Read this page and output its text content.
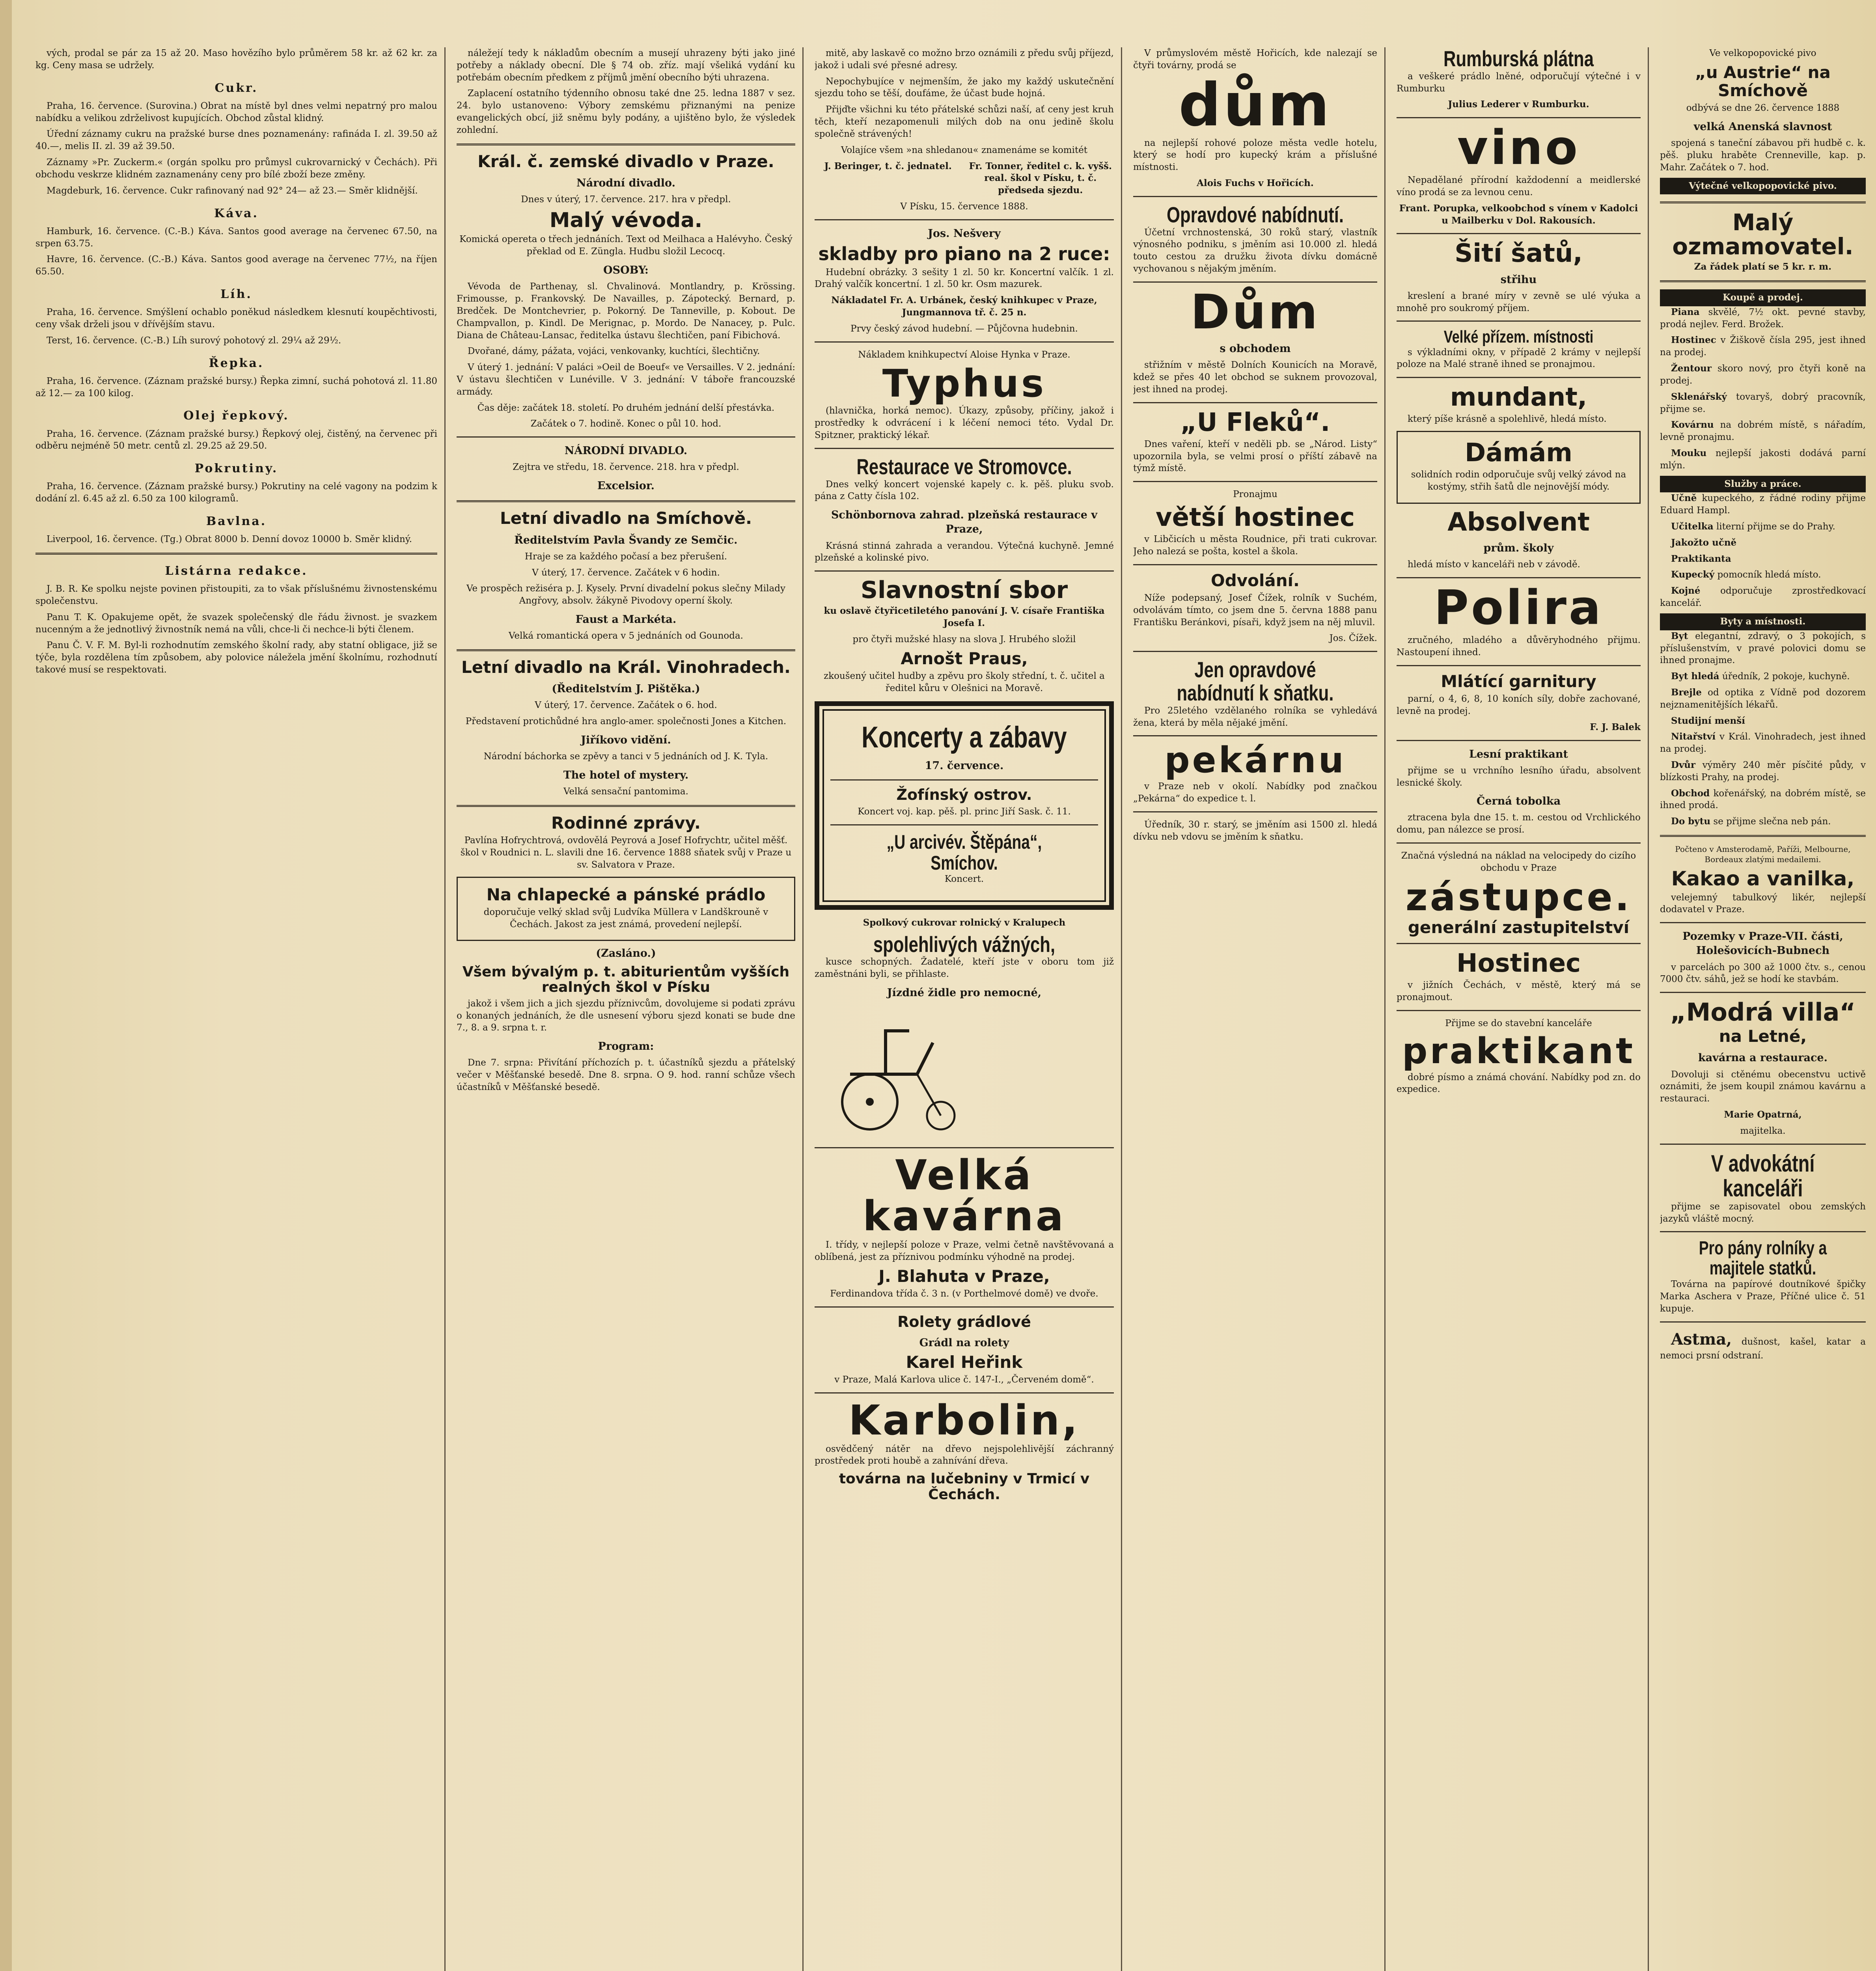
vých, prodal se pár za 15 až 20. Maso hovězího bylo průměrem 58 kr. až 62 kr. za kg. Ceny masa se udržely.

Cukr.

Praha, 16. července. (Surovina.) Obrat na místě byl dnes velmi nepatrný pro malou nabídku a velikou zdrželivost kupujících. Obchod zůstal klidný.

Úřední záznamy cukru na pražské burse dnes poznamenány: rafináda I. zl. 39.50 až 40.—, melis II. zl. 39 až 39.50.

Záznamy »Pr. Zuckerm.« (orgán spolku pro průmysl cukrovarnický v Čechách). Při obchodu veskrze klidném zaznamenány ceny pro bílé zboží beze změny.

Magdeburk, 16. července. Cukr rafinovaný nad 92° 24— až 23.— Směr klidnější.

Káva.

Hamburk, 16. července. (C.-B.) Káva. Santos good average na červenec 67.50, na srpen 63.75.

Havre, 16. července. (C.-B.) Káva. Santos good average na červenec 77½, na říjen 65.50.

Líh.

Praha, 16. července. Smýšlení ochablo poněkud následkem klesnutí koupěchtivosti, ceny však drželi jsou v dřívějším stavu.

Terst, 16. července. (C.-B.) Líh surový pohotový zl. 29¼ až 29½.

Řepka.

Praha, 16. července. (Záznam pražské bursy.) Řepka zimní, suchá pohotová zl. 11.80 až 12.— za 100 kilog.

Olej řepkový.

Praha, 16. července. (Záznam pražské bursy.) Řepkový olej, čistěný, na červenec při odběru nejméně 50 metr. centů zl. 29.25 až 29.50.

Pokrutiny.

Praha, 16. července. (Záznam pražské bursy.) Pokrutiny na celé vagony na podzim k dodání zl. 6.45 až zl. 6.50 za 100 kilogramů.

Bavlna.

Liverpool, 16. července. (Tg.) Obrat 8000 b. Denní dovoz 10000 b. Směr klidný.

Listárna redakce.

J. B. R. Ke spolku nejste povinen přistoupiti, za to však příslušnému živnostenskému společenstvu.

Panu T. K. Opakujeme opět, že svazek společenský dle řádu živnost. je svazkem nucenným a že jednotlivý živnostník nemá na vůli, chce-li či nechce-li býti členem.

Panu Č. V. F. M. Byl-li rozhodnutím zemského školní rady, aby statní obligace, již se týče, byla rozdělena tím způsobem, aby polovice náležela jmění školnímu, rozhodnutí takové musí se respektovati.

náležejí tedy k nákladům obecním a musejí uhrazeny býti jako jiné potřeby a náklady obecní. Dle § 74 ob. zříz. mají všeliká vydání ku potřebám obecním předkem z příjmů jmění obecního býti uhrazena.

Zaplacení ostatního týdenního obnosu také dne 25. ledna 1887 v sez. 24. bylo ustanoveno: Výbory zemskému přiznanými na penize evangelických obcí, již sněmu byly podány, a ujištěno bylo, že výsledek zohlední.

Král. č. zemské divadlo v Praze.
Národní divadlo.

Dnes v úterý, 17. července. 217. hra v předpl.

Malý vévoda.

Komická opereta o třech jednáních. Text od Meilhaca a Halévyho. Český překlad od E. Züngla. Hudbu složil Lecocq.

OSOBY:

Vévoda de Parthenay, sl. Chvalinová. Montlandry, p. Krössing. Frimousse, p. Frankovský. De Navailles, p. Zápotecký. Bernard, p. Bredček. De Montchevrier, p. Pokorný. De Tanneville, p. Kobout. De Champvallon, p. Kindl. De Merignac, p. Mordo. De Nanacey, p. Pulc. Diana de Château-Lansac, ředitelka ústavu šlechtičen, paní Fibichová.

Dvořané, dámy, pážata, vojáci, venkovanky, kuchtíci, šlechtičny.

V úterý 1. jednání: V paláci »Oeil de Boeuf« ve Versailles. V 2. jednání: V ústavu šlechtičen v Lunéville. V 3. jednání: V táboře francouzské armády.

Čas děje: začátek 18. století. Po druhém jednání delší přestávka.

Začátek o 7. hodině. Konec o půl 10. hod.

NÁRODNÍ DIVADLO.

Zejtra ve středu, 18. července. 218. hra v předpl.

Excelsior.
Letní divadlo na Smíchově.
Ředitelstvím Pavla Švandy ze Semčic.

Hraje se za každého počasí a bez přerušení.

V úterý, 17. července. Začátek v 6 hodin.

Ve prospěch režiséra p. J. Kysely. První divadelní pokus slečny Milady Angřovy, absolv. žákyně Pivodovy operní školy.

Faust a Markéta.

Velká romantická opera v 5 jednáních od Gounoda.

Letní divadlo na Král. Vinohradech.
(Ředitelstvím J. Pištěka.)

V úterý, 17. července. Začátek o 6. hod.

Představení protichůdné hra anglo-amer. společnosti Jones a Kitchen.

Jiříkovo vidění.

Národní báchorka se zpěvy a tanci v 5 jednáních od J. K. Tyla.

The hotel of mystery.

Velká sensační pantomima.

Rodinné zprávy.

Pavlína Hofrychtrová, ovdovělá Peyrová a Josef Hofrychtr, učitel měšť. škol v Roudnici n. L. slavili dne 16. července 1888 sňatek svůj v Praze u sv. Salvatora v Praze.

Na chlapecké a pánské prádlo

doporučuje velký sklad svůj Ludvíka Müllera v Landškrouně v Čechách. Jakost za jest známá, provedení nejlepší.

(Zasláno.)
Všem bývalým p. t. abiturientům vyšších realných škol v Písku

jakož i všem jich a jich sjezdu příznivcům, dovolujeme si podati zprávu o konaných jednáních, že dle usnesení výboru sjezd konati se bude dne 7., 8. a 9. srpna t. r.

Program:

Dne 7. srpna: Přivítání příchozích p. t. účastníků sjezdu a přátelský večer v Měšťanské besedě. Dne 8. srpna. O 9. hod. ranní schůze všech účastníků v Měšťanské besedě.

mitě, aby laskavě co možno brzo oznámili z předu svůj příjezd, jakož i udali své přesné adresy.

Nepochybujíce v nejmenším, že jako my každý uskutečnění sjezdu toho se těší, doufáme, že účast bude hojná.

Přijďte všichni ku této přátelské schůzi naší, ať ceny jest kruh těch, kteří nezapomenuli milých dob na onu jedině školu společně strávených!

Volajíce všem »na shledanou« znamenáme se komitét

J. Beringer, t. č. jednatel.	Fr. Tonner, ředitel c. k. vyšš. real. škol v Písku, t. č. předseda sjezdu.

V Písku, 15. července 1888.

Jos. Nešvery
skladby pro piano na 2 ruce:

Hudební obrázky. 3 sešity 1 zl. 50 kr. Koncertní valčík. 1 zl. Drahý valčík koncertní. 1 zl. 50 kr. Osm mazurek.

Nákladatel Fr. A. Urbánek, český knihkupec v Praze, Jungmannova tř. č. 25 n.

Prvy český závod hudební. — Půjčovna hudebnin.

Nákladem knihkupectví Aloise Hynka v Praze.

Typhus

(hlavnička, horká nemoc). Úkazy, způsoby, příčiny, jakož i prostředky k odvrácení i k léčení nemoci této. Vydal Dr. Spitzner, praktický lékař.

Restaurace ve Stromovce.

Dnes velký koncert vojenské kapely c. k. pěš. pluku svob. pána z Catty čísla 102.

Schönbornova zahrad. plzeňská restaurace v Praze,

Krásná stinná zahrada a verandou. Výtečná kuchyně. Jemné plzeňské a kolinské pivo.

Slavnostní sbor

ku oslavě čtyřicetiletého panování J. V. císaře Františka Josefa I.

pro čtyři mužské hlasy na slova J. Hrubého složil

Arnošt Praus,

zkoušený učitel hudby a zpěvu pro školy střední, t. č. učitel a ředitel kůru v Olešnici na Moravě.

Koncerty a zábavy
17. července.
Žofínský ostrov.

Koncert voj. kap. pěš. pl. princ Jiří Sask. č. 11.

„U arcivév. Štěpána“, Smíchov.

Koncert.

Spolkový cukrovar rolnický v Kralupech

spolehlivých vážných,

kusce schopných. Žadatelé, kteří jste v oboru tom již zaměstnáni byli, se přihlaste.

Jízdné židle pro nemocné,
Velká kavárna

I. třídy, v nejlepší poloze v Praze, velmi četně navštěvovaná a oblíbená, jest za příznivou podmínku výhodně na prodej.

J. Blahuta v Praze,

Ferdinandova třída č. 3 n. (v Porthelmové domě) ve dvoře.

Rolety grádlové
Grádl na rolety
Karel Heřink

v Praze, Malá Karlova ulice č. 147-I., „Červeném domě“.

Karbolin,

osvědčený nátěr na dřevo nejspolehlivější záchranný prostředek proti houbě a zahnívání dřeva.

továrna na lučebniny v Trmicí v Čechách.

V průmyslovém městě Hořicích, kde nalezají se čtyři továrny, prodá se

dům

na nejlepší rohové poloze města vedle hotelu, který se hodí pro kupecký krám a příslušné místnosti.

Alois Fuchs v Hořicích.

Opravdové nabídnutí.

Účetní vrchnostenská, 30 roků starý, vlastník výnosného podniku, s jměním asi 10.000 zl. hledá touto cestou za družku života dívku domácně vychovanou s nějakým jměním.

Dům
s obchodem

střižním v městě Dolních Kounicích na Moravě, kdež se přes 40 let obchod se suknem provozoval, jest ihned na prodej.

„U Fleků“.

Dnes vaření, kteří v neděli pb. se „Národ. Listy“ upozornila byla, se velmi prosí o příští zábavě na týmž místě.

Pronajmu

větší hostinec

v Libčicích u města Roudnice, při trati cukrovar. Jeho nalezá se pošta, kostel a škola.

Odvolání.

Níže podepsaný, Josef Čížek, rolník v Suchém, odvolávám tímto, co jsem dne 5. června 1888 panu Františku Beránkovi, písaři, když jsem na něj mluvil.

Jos. Čížek.

Jen opravdové nabídnutí k sňatku.

Pro 25letého vzdělaného rolníka se vyhledává žena, která by měla nějaké jmění.

pekárnu

v Praze neb v okolí. Nabídky pod značkou „Pekárna“ do expedice t. l.

Úředník, 30 r. starý, se jměním asi 1500 zl. hledá dívku neb vdovu se jměním k sňatku.

Rumburská plátna

a veškeré prádlo lněné, odporučují výtečné i v Rumburku

Julius Lederer v Rumburku.

vino

Nepadělané přírodní každodenní a meidlerské víno prodá se za levnou cenu.

Frant. Porupka, velkoobchod s vínem v Kadolci u Mailberku v Dol. Rakousích.

Šití šatů,
střihu

kreslení a brané míry v zevně se ulé výuka a mnohě pro soukromý příjem.

Velké přízem. místnosti

s výkladními okny, v případě 2 krámy v nejlepší poloze na Malé straně ihned se pronajmou.

mundant,

který píše krásně a spolehlivě, hledá místo.

Dámám

solidních rodin odporučuje svůj velký závod na kostýmy, střih šatů dle nejnovější módy.

Absolvent
prům. školy

hledá místo v kanceláři neb v závodě.

Polira

zručného, mladého a důvěryhodného přijmu. Nastoupení ihned.

Mlátící garnitury

parní, o 4, 6, 8, 10 koních síly, dobře zachované, levně na prodej.

F. J. Balek

Lesní praktikant

přijme se u vrchního lesního úřadu, absolvent lesnické školy.

Černá tobolka

ztracena byla dne 15. t. m. cestou od Vrchlického domu, pan nálezce se prosí.

Značná výsledná na náklad na velocipedy do cizího obchodu v Praze

zástupce.
generální zastupitelství
Hostinec

v jižních Čechách, v městě, který má se pronajmout.

Přijme se do stavební kanceláře

praktikant

dobré písmo a známá chování. Nabídky pod zn. do expedice.

Ve velkopopovické pivo

„u Austrie“ na Smíchově

odbývá se dne 26. července 1888

velká Anenská slavnost

spojená s taneční zábavou při hudbě c. k. pěš. pluku hraběte Crenneville, kap. p. Mahr. Začátek o 7. hod.

Výtečné velkopopovické pivo.
Malý ozmamovatel.

Za řádek platí se 5 kr. r. m.

Koupě a prodej.

Piana skvělé, 7½ okt. pevné stavby, prodá nejlev. Ferd. Brožek.

Hostinec v Žiškově čísla 295, jest ihned na prodej.

Žentour skoro nový, pro čtyři koně na prodej.

Sklenářský tovaryš, dobrý pracovník, přijme se.

Kovárnu na dobrém místě, s nářadím, levně pronajmu.

Mouku nejlepší jakosti dodává parní mlýn.

Služby a práce.

Učně kupeckého, z řádné rodiny přijme Eduard Hampl.

Učitelka literní přijme se do Prahy.

Jakožto učně

Praktikanta

Kupecký pomocník hledá místo.

Kojné odporučuje zprostředkovací kancelář.

Byty a místnosti.

Byt elegantní, zdravý, o 3 pokojích, s příslušenstvím, v pravé polovici domu se ihned pronajme.

Byt hledá úředník, 2 pokoje, kuchyně.

Brejle od optika z Vídně pod dozorem nejznamenitějších lékařů.

Studijní menší

Nitařství v Král. Vinohradech, jest ihned na prodej.

Dvůr výměry 240 měr písčité půdy, v blízkosti Prahy, na prodej.

Obchod kořenářský, na dobrém místě, se ihned prodá.

Do bytu se přijme slečna neb pán.

Počteno v Amsterodamě, Paříži, Melbourne, Bordeaux zlatými medailemi.

Kakao a vanilka,

velejemný tabulkový likér, nejlepší dodavatel v Praze.

Pozemky v Praze-VII. části, Holešovicích-Bubnech

v parcelách po 300 až 1000 čtv. s., cenou 7000 čtv. sáhů, jež se hodí ke stavbám.

„Modrá villa“
na Letné,
kavárna a restaurace.

Dovoluji si ctěnému obecenstvu uctivě oznámiti, že jsem koupil známou kavárnu a restauraci.

Marie Opatrná,

majitelka.

V advokátní kanceláři

přijme se zapisovatel obou zemských jazyků vláště mocný.

Pro pány rolníky a majitele statků.

Továrna na papírové doutníkové špičky Marka Aschera v Praze, Příčné ulice č. 51 kupuje.

Astma, dušnost, kašel, katar a nemoci prsní odstraní.
